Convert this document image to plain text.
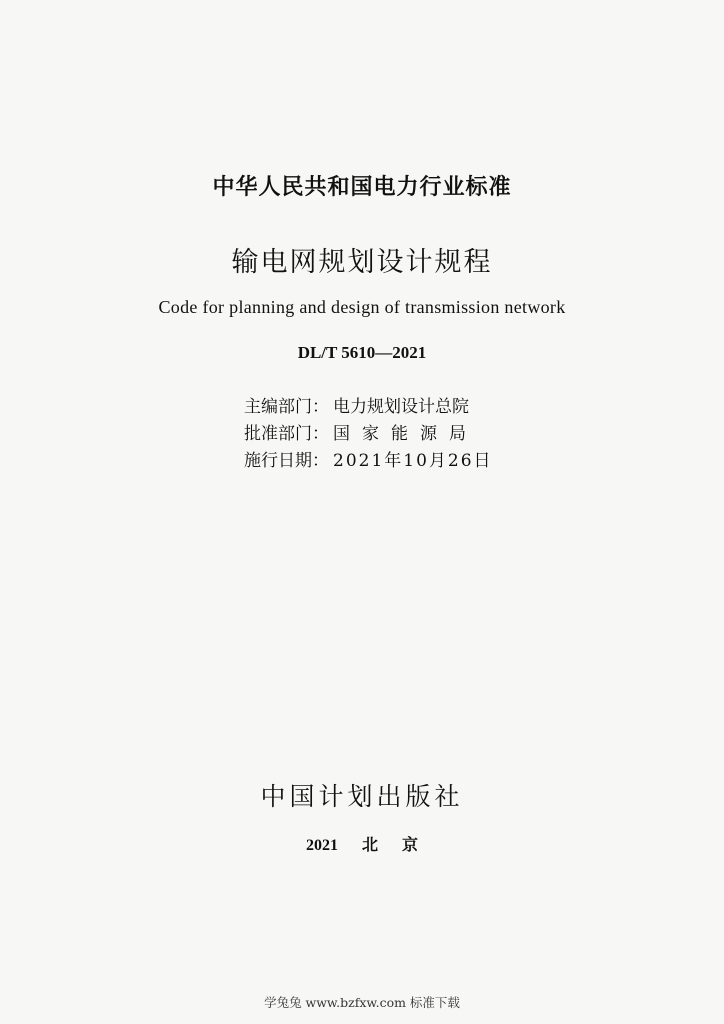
中华人民共和国电力行业标准
输电网规划设计规程
Code for planning and design of transmission network
DL/T 5610—2021
主编部门： 电力规划设计总院
批准部门： 国家能源局
施行日期： 2021年10月26日
中国计划出版社
2021 北 京
学兔兔 www.bzfxw.com 标准下载
